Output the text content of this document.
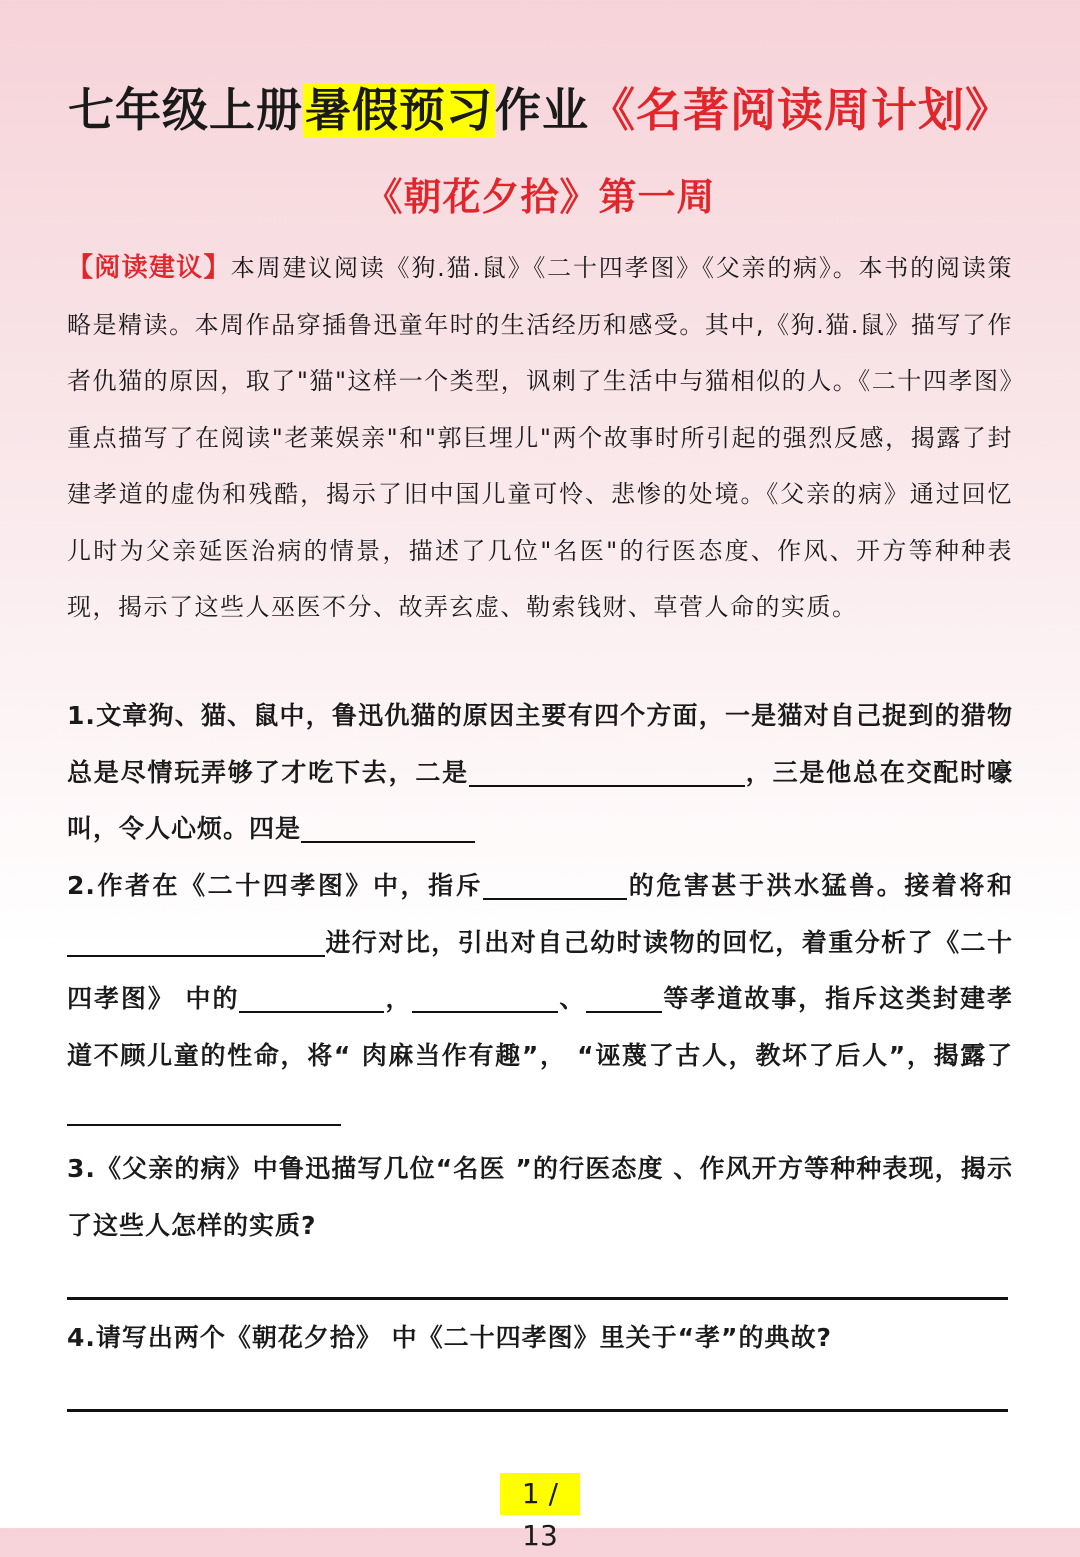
七年级上册暑假预习作业《名著阅读周计划》
《朝花夕拾》第一周
【阅读建议】本周建议阅读《狗.猫.鼠》《二十四孝图》《父亲的病》。本书的阅读策略是精读。本周作品穿插鲁迅童年时的生活经历和感受。其中,《狗.猫.鼠》描写了作者仇猫的原因，取了"猫"这样一个类型，讽刺了生活中与猫相似的人。《二十四孝图》重点描写了在阅读"老莱娱亲"和"郭巨埋儿"两个故事时所引起的强烈反感，揭露了封建孝道的虚伪和残酷，揭示了旧中国儿童可怜、悲惨的处境。《父亲的病》通过回忆儿时为父亲延医治病的情景，描述了几位"名医"的行医态度、作风、开方等种种表现，揭示了这些人巫医不分、故弄玄虚、勒索钱财、草菅人命的实质。
1.文章狗、猫、鼠中，鲁迅仇猫的原因主要有四个方面，一是猫对自己捉到的猎物总是尽情玩弄够了才吃下去，二是	，三是他总在交配时嚎叫，令人心烦。四是
2.作者在《二十四孝图》中，指斥	的危害甚于洪水猛兽。接着将和进行对比，引出对自己幼时读物的回忆，着重分析了《二十四孝图》 中的	，	、	等孝道故事，指斥这类封建孝道不顾儿童的性命，将“ 肉麻当作有趣”， “诬蔑了古人，教坏了后人”，揭露了
3.《父亲的病》中鲁迅描写几位“名医 ”的行医态度 、作风开方等种种表现，揭示了这些人怎样的实质?
4.请写出两个《朝花夕拾》 中《二十四孝图》里关于“孝”的典故?
1 / 13
